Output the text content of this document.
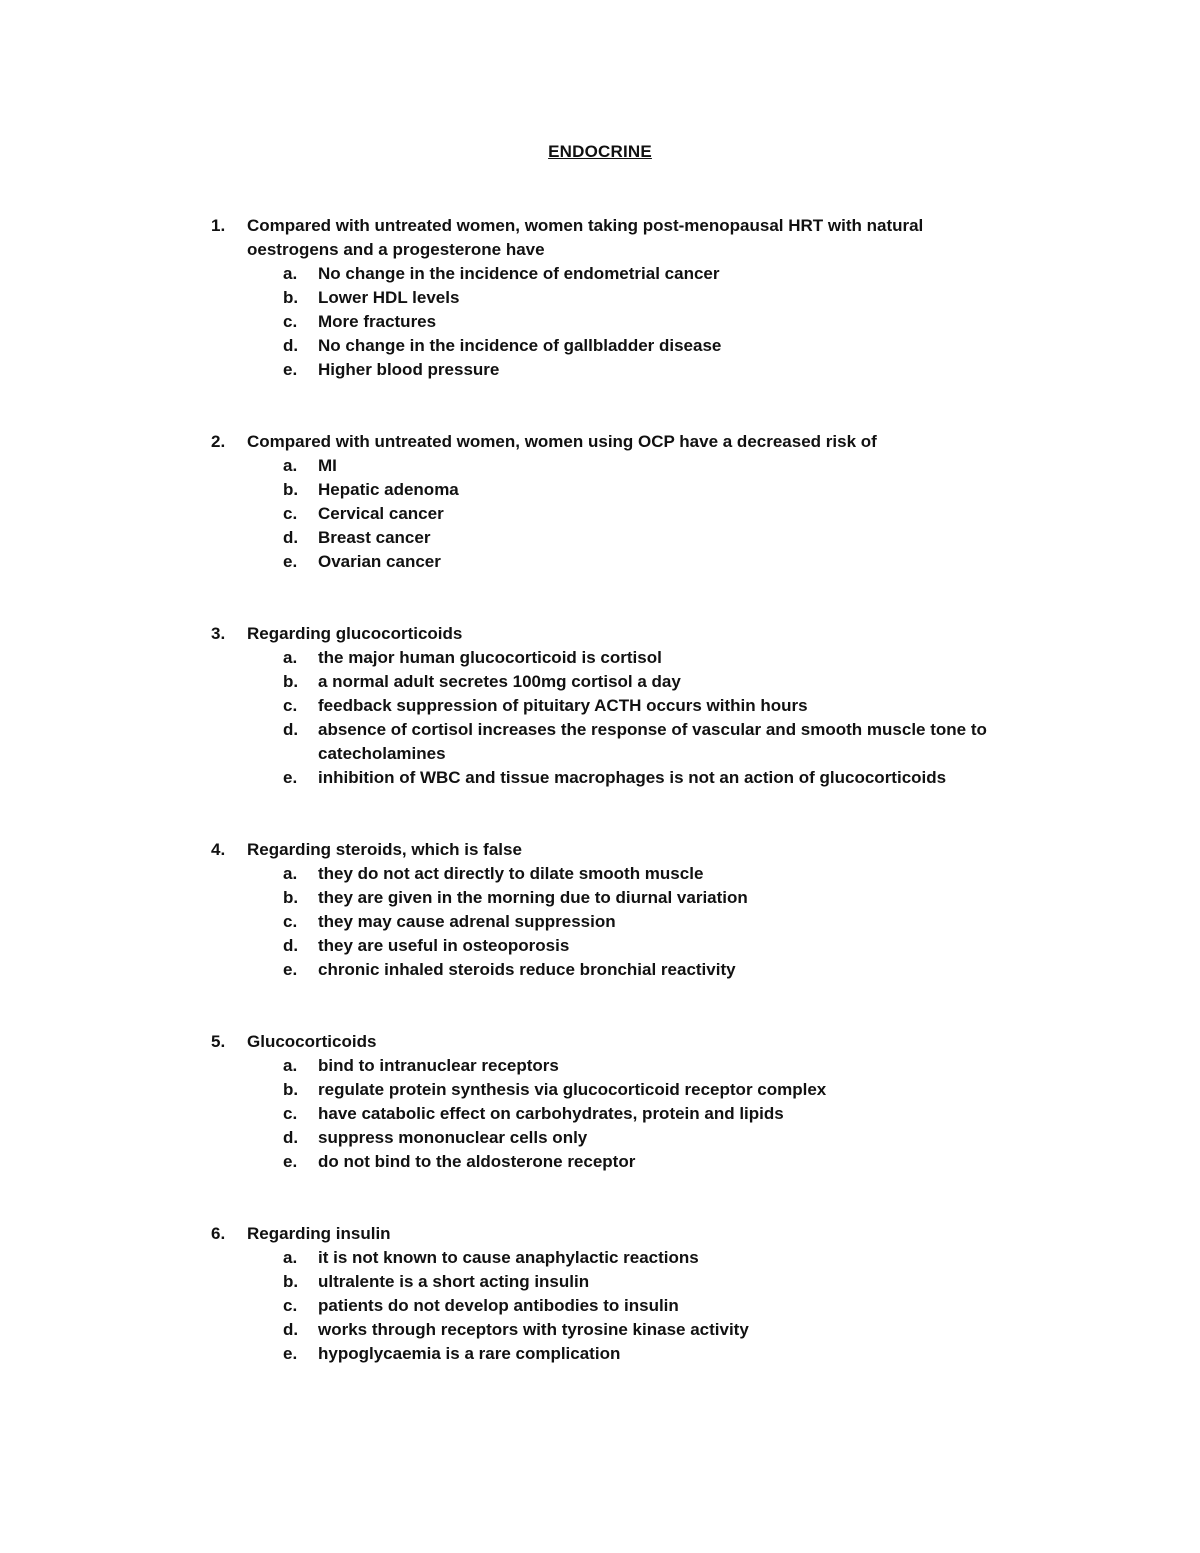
ENDOCRINE
1. Compared with untreated women, women taking post-menopausal HRT with natural oestrogens and a progesterone have
a. No change in the incidence of endometrial cancer
b. Lower HDL levels
c. More fractures
d. No change in the incidence of gallbladder disease
e. Higher blood pressure
2. Compared with untreated women, women using OCP have a decreased risk of
a. MI
b. Hepatic adenoma
c. Cervical cancer
d. Breast cancer
e. Ovarian cancer
3. Regarding glucocorticoids
a. the major human glucocorticoid is cortisol
b. a normal adult secretes 100mg cortisol a day
c. feedback suppression of pituitary ACTH occurs within hours
d. absence of cortisol increases the response of vascular and smooth muscle tone to catecholamines
e. inhibition of WBC and tissue macrophages is not an action of glucocorticoids
4. Regarding steroids, which is false
a. they do not act directly to dilate smooth muscle
b. they are given in the morning due to diurnal variation
c. they may cause adrenal suppression
d. they are useful in osteoporosis
e. chronic inhaled steroids reduce bronchial reactivity
5. Glucocorticoids
a. bind to intranuclear receptors
b. regulate protein synthesis via glucocorticoid receptor complex
c. have catabolic effect on carbohydrates, protein and lipids
d. suppress mononuclear cells only
e. do not bind to the aldosterone receptor
6. Regarding insulin
a. it is not known to cause anaphylactic reactions
b. ultralente is a short acting insulin
c. patients do not develop antibodies to insulin
d. works through receptors with tyrosine kinase activity
e. hypoglycaemia is a rare complication
